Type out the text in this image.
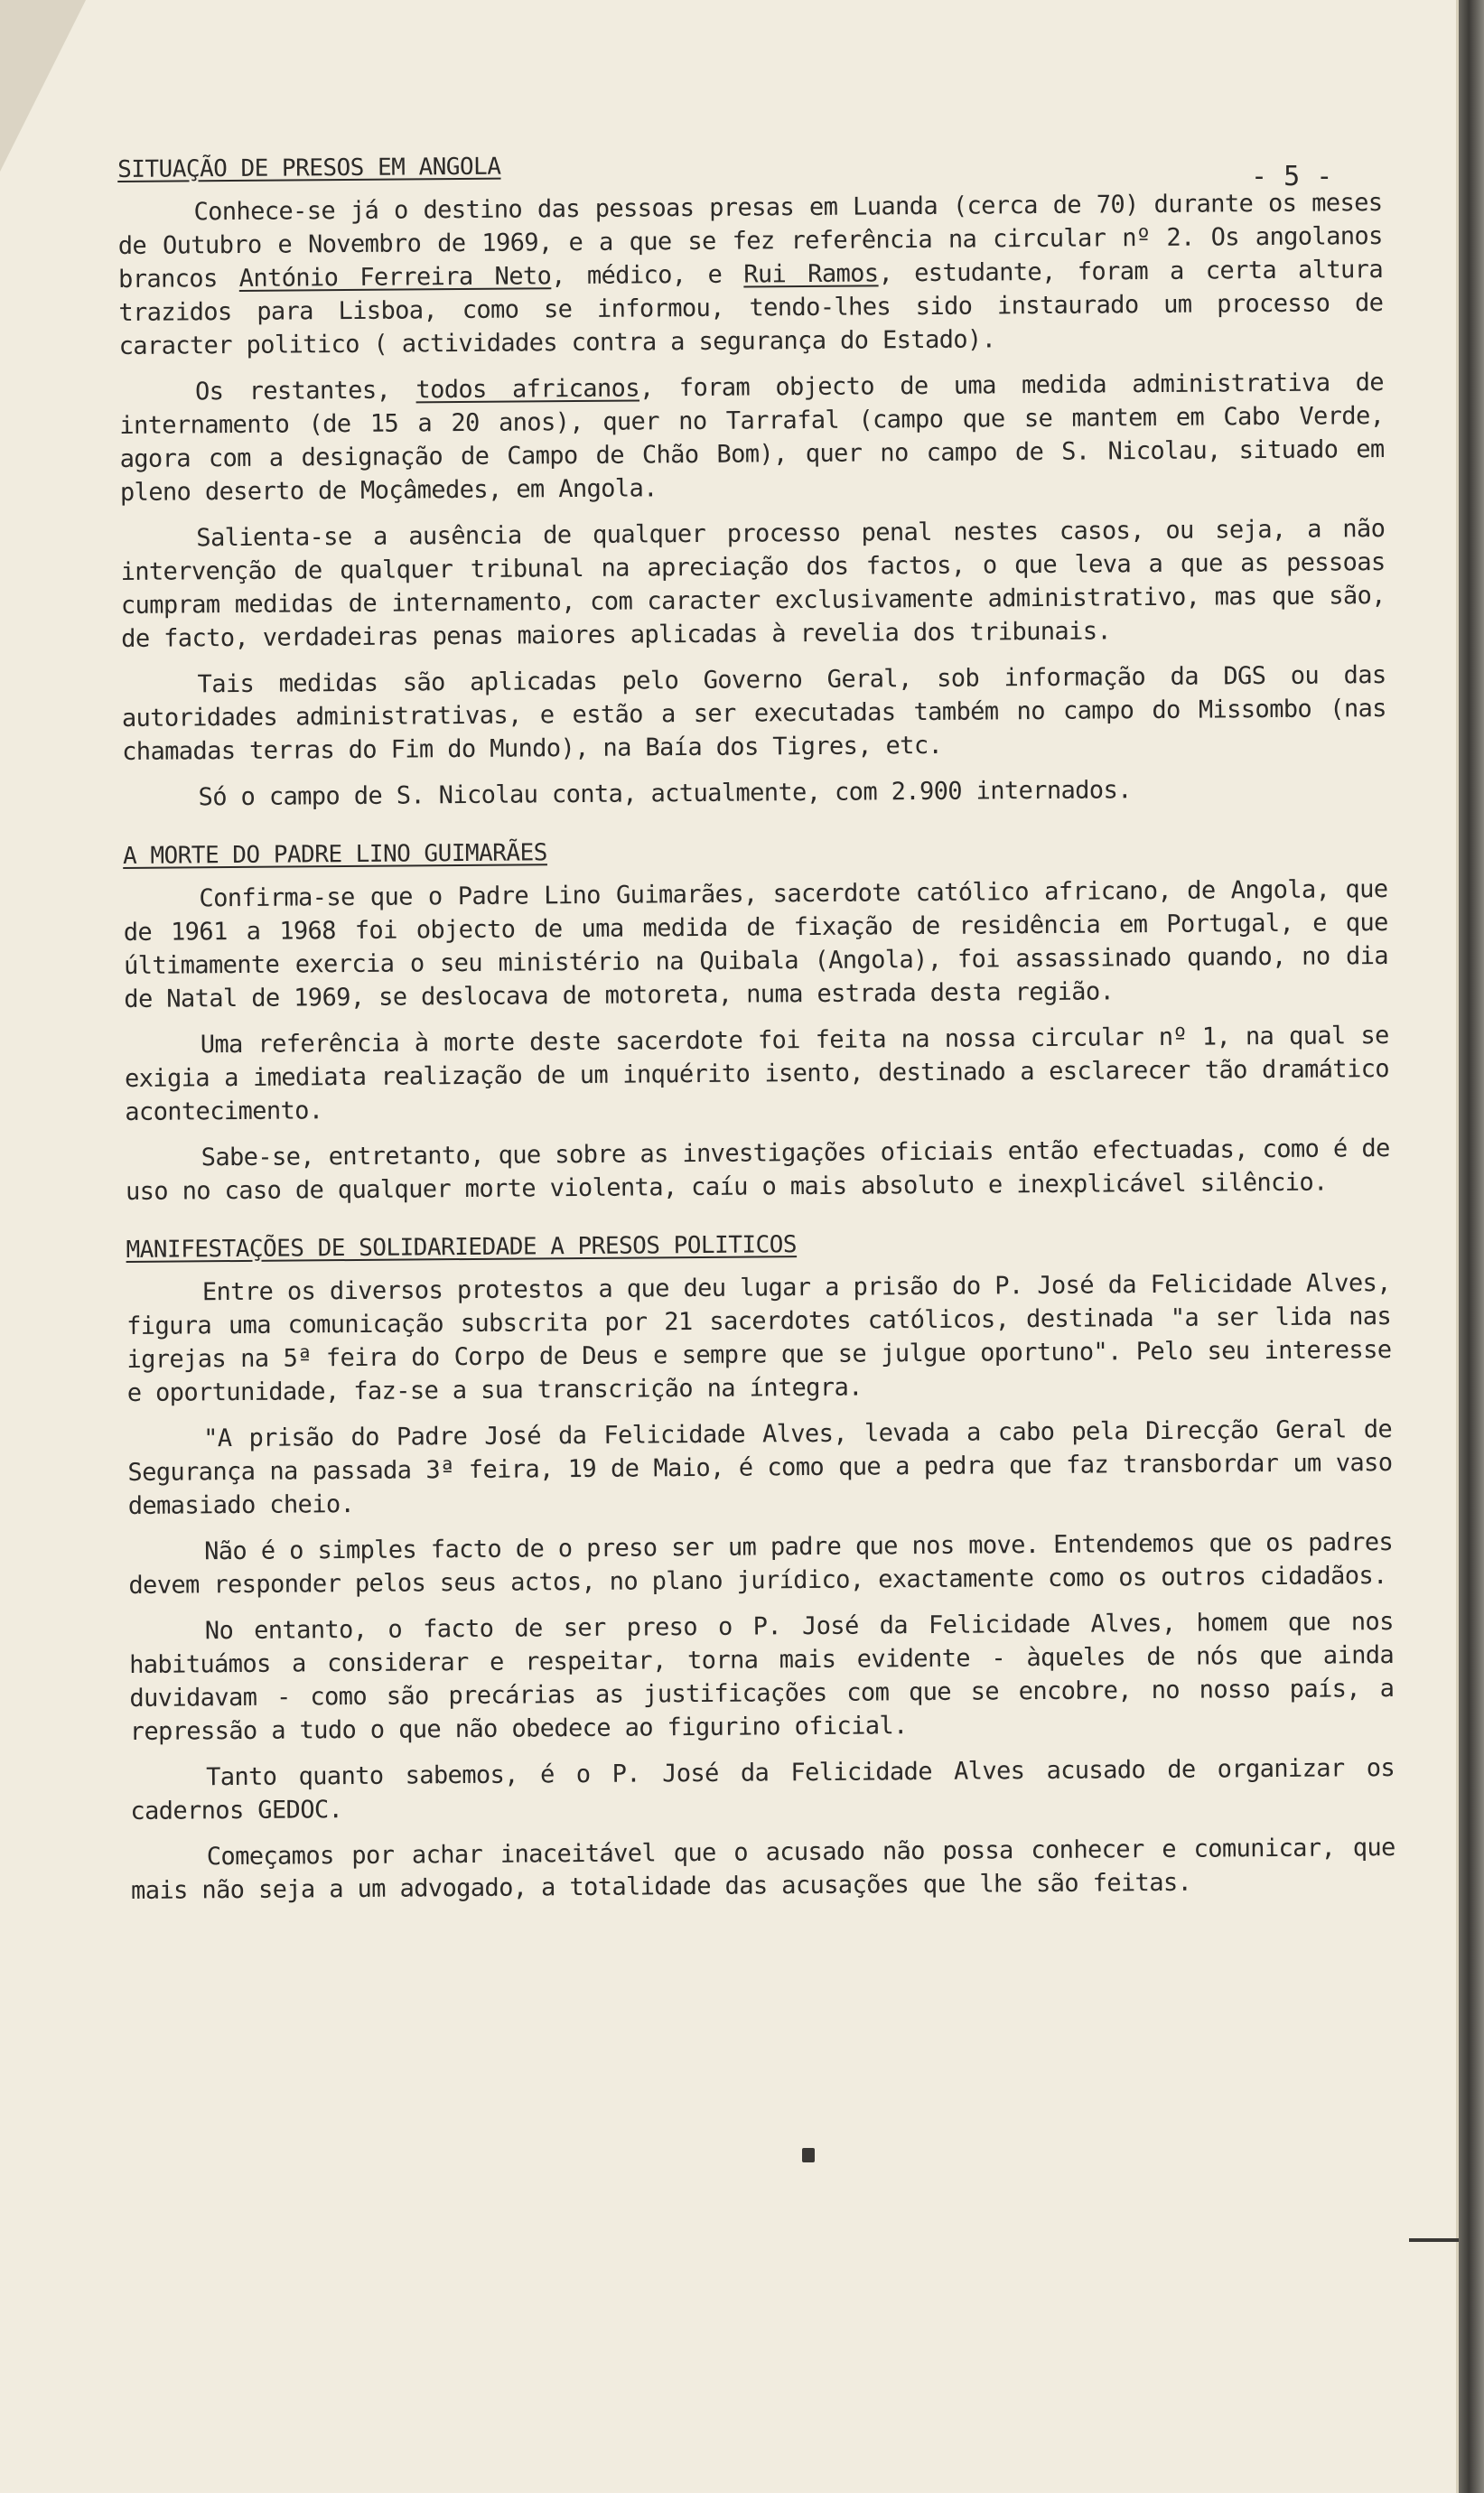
- 5 -
SITUAÇÃO DE PRESOS EM ANGOLA

Conhece-se já o destino das pessoas presas em Luanda (cerca de 70) durante os meses de Outubro e Novembro de 1969, e a que se fez referência na circular nº 2. Os angolanos brancos António Ferreira Neto, médico, e Rui Ramos, estudante, foram a certa altura trazidos para Lisboa, como se informou, tendo-lhes sido instaurado um processo de caracter politico ( actividades contra a segurança do Estado).

Os restantes, todos africanos, foram objecto de uma medida administrativa de internamento (de 15 a 20 anos), quer no Tarrafal (campo que se mantem em Cabo Verde, agora com a designação de Campo de Chão Bom), quer no campo de S. Nicolau, situado em pleno deserto de Moçâmedes, em Angola.

Salienta-se a ausência de qualquer processo penal nestes casos, ou seja, a não intervenção de qualquer tribunal na apreciação dos factos, o que leva a que as pessoas cumpram medidas de internamento, com caracter exclusivamente administrativo, mas que são, de facto, verdadeiras penas maiores aplicadas à revelia dos tribunais.

Tais medidas são aplicadas pelo Governo Geral, sob informação da DGS ou das autoridades administrativas, e estão a ser executadas também no campo do Missombo (nas chamadas terras do Fim do Mundo), na Baía dos Tigres, etc.

Só o campo de S. Nicolau conta, actualmente, com 2.900 internados.

A MORTE DO PADRE LINO GUIMARÃES

Confirma-se que o Padre Lino Guimarães, sacerdote católico africano, de Angola, que de 1961 a 1968 foi objecto de uma medida de fixação de residência em Portugal, e que últimamente exercia o seu ministério na Quibala (Angola), foi assassinado quando, no dia de Natal de 1969, se deslocava de motoreta, numa estrada desta região.

Uma referência à morte deste sacerdote foi feita na nossa circular nº 1, na qual se exigia a imediata realização de um inquérito isento, destinado a esclarecer tão dramático acontecimento.

Sabe-se, entretanto, que sobre as investigações oficiais então efectuadas, como é de uso no caso de qualquer morte violenta, caíu o mais absoluto e inexplicável silêncio.

MANIFESTAÇÕES DE SOLIDARIEDADE A PRESOS POLITICOS

Entre os diversos protestos a que deu lugar a prisão do P. José da Felicidade Alves, figura uma comunicação subscrita por 21 sacerdotes católicos, destinada "a ser lida nas igrejas na 5ª feira do Corpo de Deus e sempre que se julgue oportuno". Pelo seu interesse e oportunidade, faz-se a sua transcrição na íntegra.

"A prisão do Padre José da Felicidade Alves, levada a cabo pela Direcção Geral de Segurança na passada 3ª feira, 19 de Maio, é como que a pedra que faz transbordar um vaso demasiado cheio.

Não é o simples facto de o preso ser um padre que nos move. Entendemos que os padres devem responder pelos seus actos, no plano jurídico, exactamente como os outros cidadãos.

No entanto, o facto de ser preso o P. José da Felicidade Alves, homem que nos habituámos a considerar e respeitar, torna mais evidente - àqueles de nós que ainda duvidavam - como são precárias as justificações com que se encobre, no nosso país, a repressão a tudo o que não obedece ao figurino oficial.

Tanto quanto sabemos, é o P. José da Felicidade Alves acusado de organizar os cadernos GEDOC.

Começamos por achar inaceitável que o acusado não possa conhecer e comunicar, que mais não seja a um advogado, a totalidade das acusações que lhe são feitas.
